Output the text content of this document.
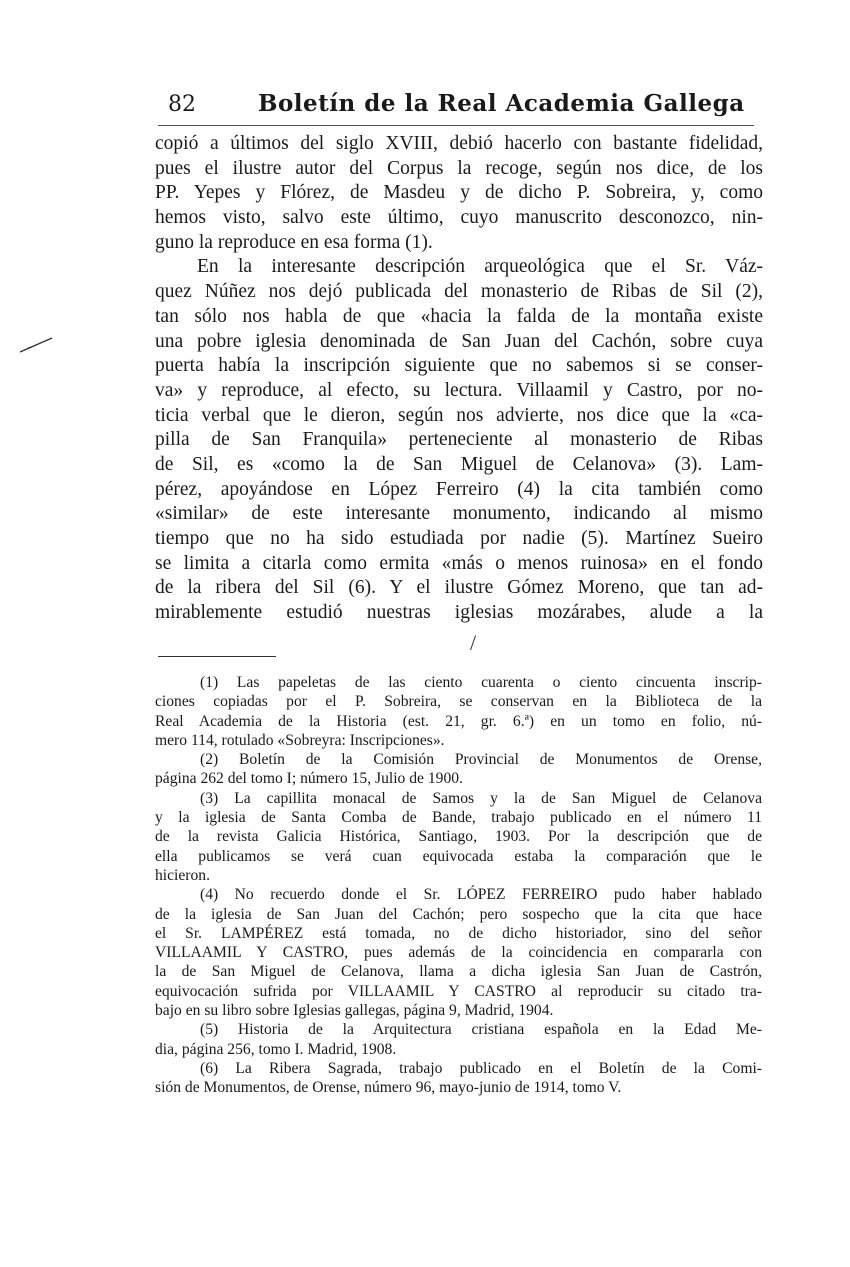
82	Boletín de la Real Academia Gallega
copió a últimos del siglo XVIII, debió hacerlo con bastante fidelidad,
pues el ilustre autor del Corpus la recoge, según nos dice, de los
PP. Yepes y Flórez, de Masdeu y de dicho P. Sobreira, y, como
hemos visto, salvo este último, cuyo manuscrito desconozco, nin-
guno la reproduce en esa forma (1).
En la interesante descripción arqueológica que el Sr. Váz-
quez Núñez nos dejó publicada del monasterio de Ribas de Sil (2),
tan sólo nos habla de que «hacia la falda de la montaña existe
una pobre iglesia denominada de San Juan del Cachón, sobre cuya
puerta había la inscripción siguiente que no sabemos si se conser-
va» y reproduce, al efecto, su lectura. Villaamil y Castro, por no-
ticia verbal que le dieron, según nos advierte, nos dice que la «ca-
pilla de San Franquila» perteneciente al monasterio de Ribas
de Sil, es «como la de San Miguel de Celanova» (3). Lam-
pérez, apoyándose en López Ferreiro (4) la cita también como
«similar» de este interesante monumento, indicando al mismo
tiempo que no ha sido estudiada por nadie (5). Martínez Sueiro
se limita a citarla como ermita «más o menos ruinosa» en el fondo
de la ribera del Sil (6). Y el ilustre Gómez Moreno, que tan ad-
mirablemente estudió nuestras iglesias mozárabes, alude a la
/
(1) Las papeletas de las ciento cuarenta o ciento cincuenta inscrip-
ciones copiadas por el P. Sobreira, se conservan en la Biblioteca de la
Real Academia de la Historia (est. 21, gr. 6.ª) en un tomo en folio, nú-
mero 114, rotulado «Sobreyra: Inscripciones».
(2) Boletín de la Comisión Provincial de Monumentos de Orense,
página 262 del tomo I; número 15, Julio de 1900.
(3) La capillita monacal de Samos y la de San Miguel de Celanova
y la iglesia de Santa Comba de Bande, trabajo publicado en el número 11
de la revista Galicia Histórica, Santiago, 1903. Por la descripción que de
ella publicamos se verá cuan equivocada estaba la comparación que le
hicieron.
(4) No recuerdo donde el Sr. LÓPEZ FERREIRO pudo haber hablado
de la iglesia de San Juan del Cachón; pero sospecho que la cita que hace
el Sr. LAMPÉREZ está tomada, no de dicho historiador, sino del señor
VILLAAMIL Y CASTRO, pues además de la coincidencia en compararla con
la de San Miguel de Celanova, llama a dicha iglesia San Juan de Castrón,
equivocación sufrida por VILLAAMIL Y CASTRO al reproducir su citado tra-
bajo en su libro sobre Iglesias gallegas, página 9, Madrid, 1904.
(5) Historia de la Arquitectura cristiana española en la Edad Me-
dia, página 256, tomo I. Madrid, 1908.
(6) La Ribera Sagrada, trabajo publicado en el Boletín de la Comi-
sión de Monumentos, de Orense, número 96, mayo-junio de 1914, tomo V.
